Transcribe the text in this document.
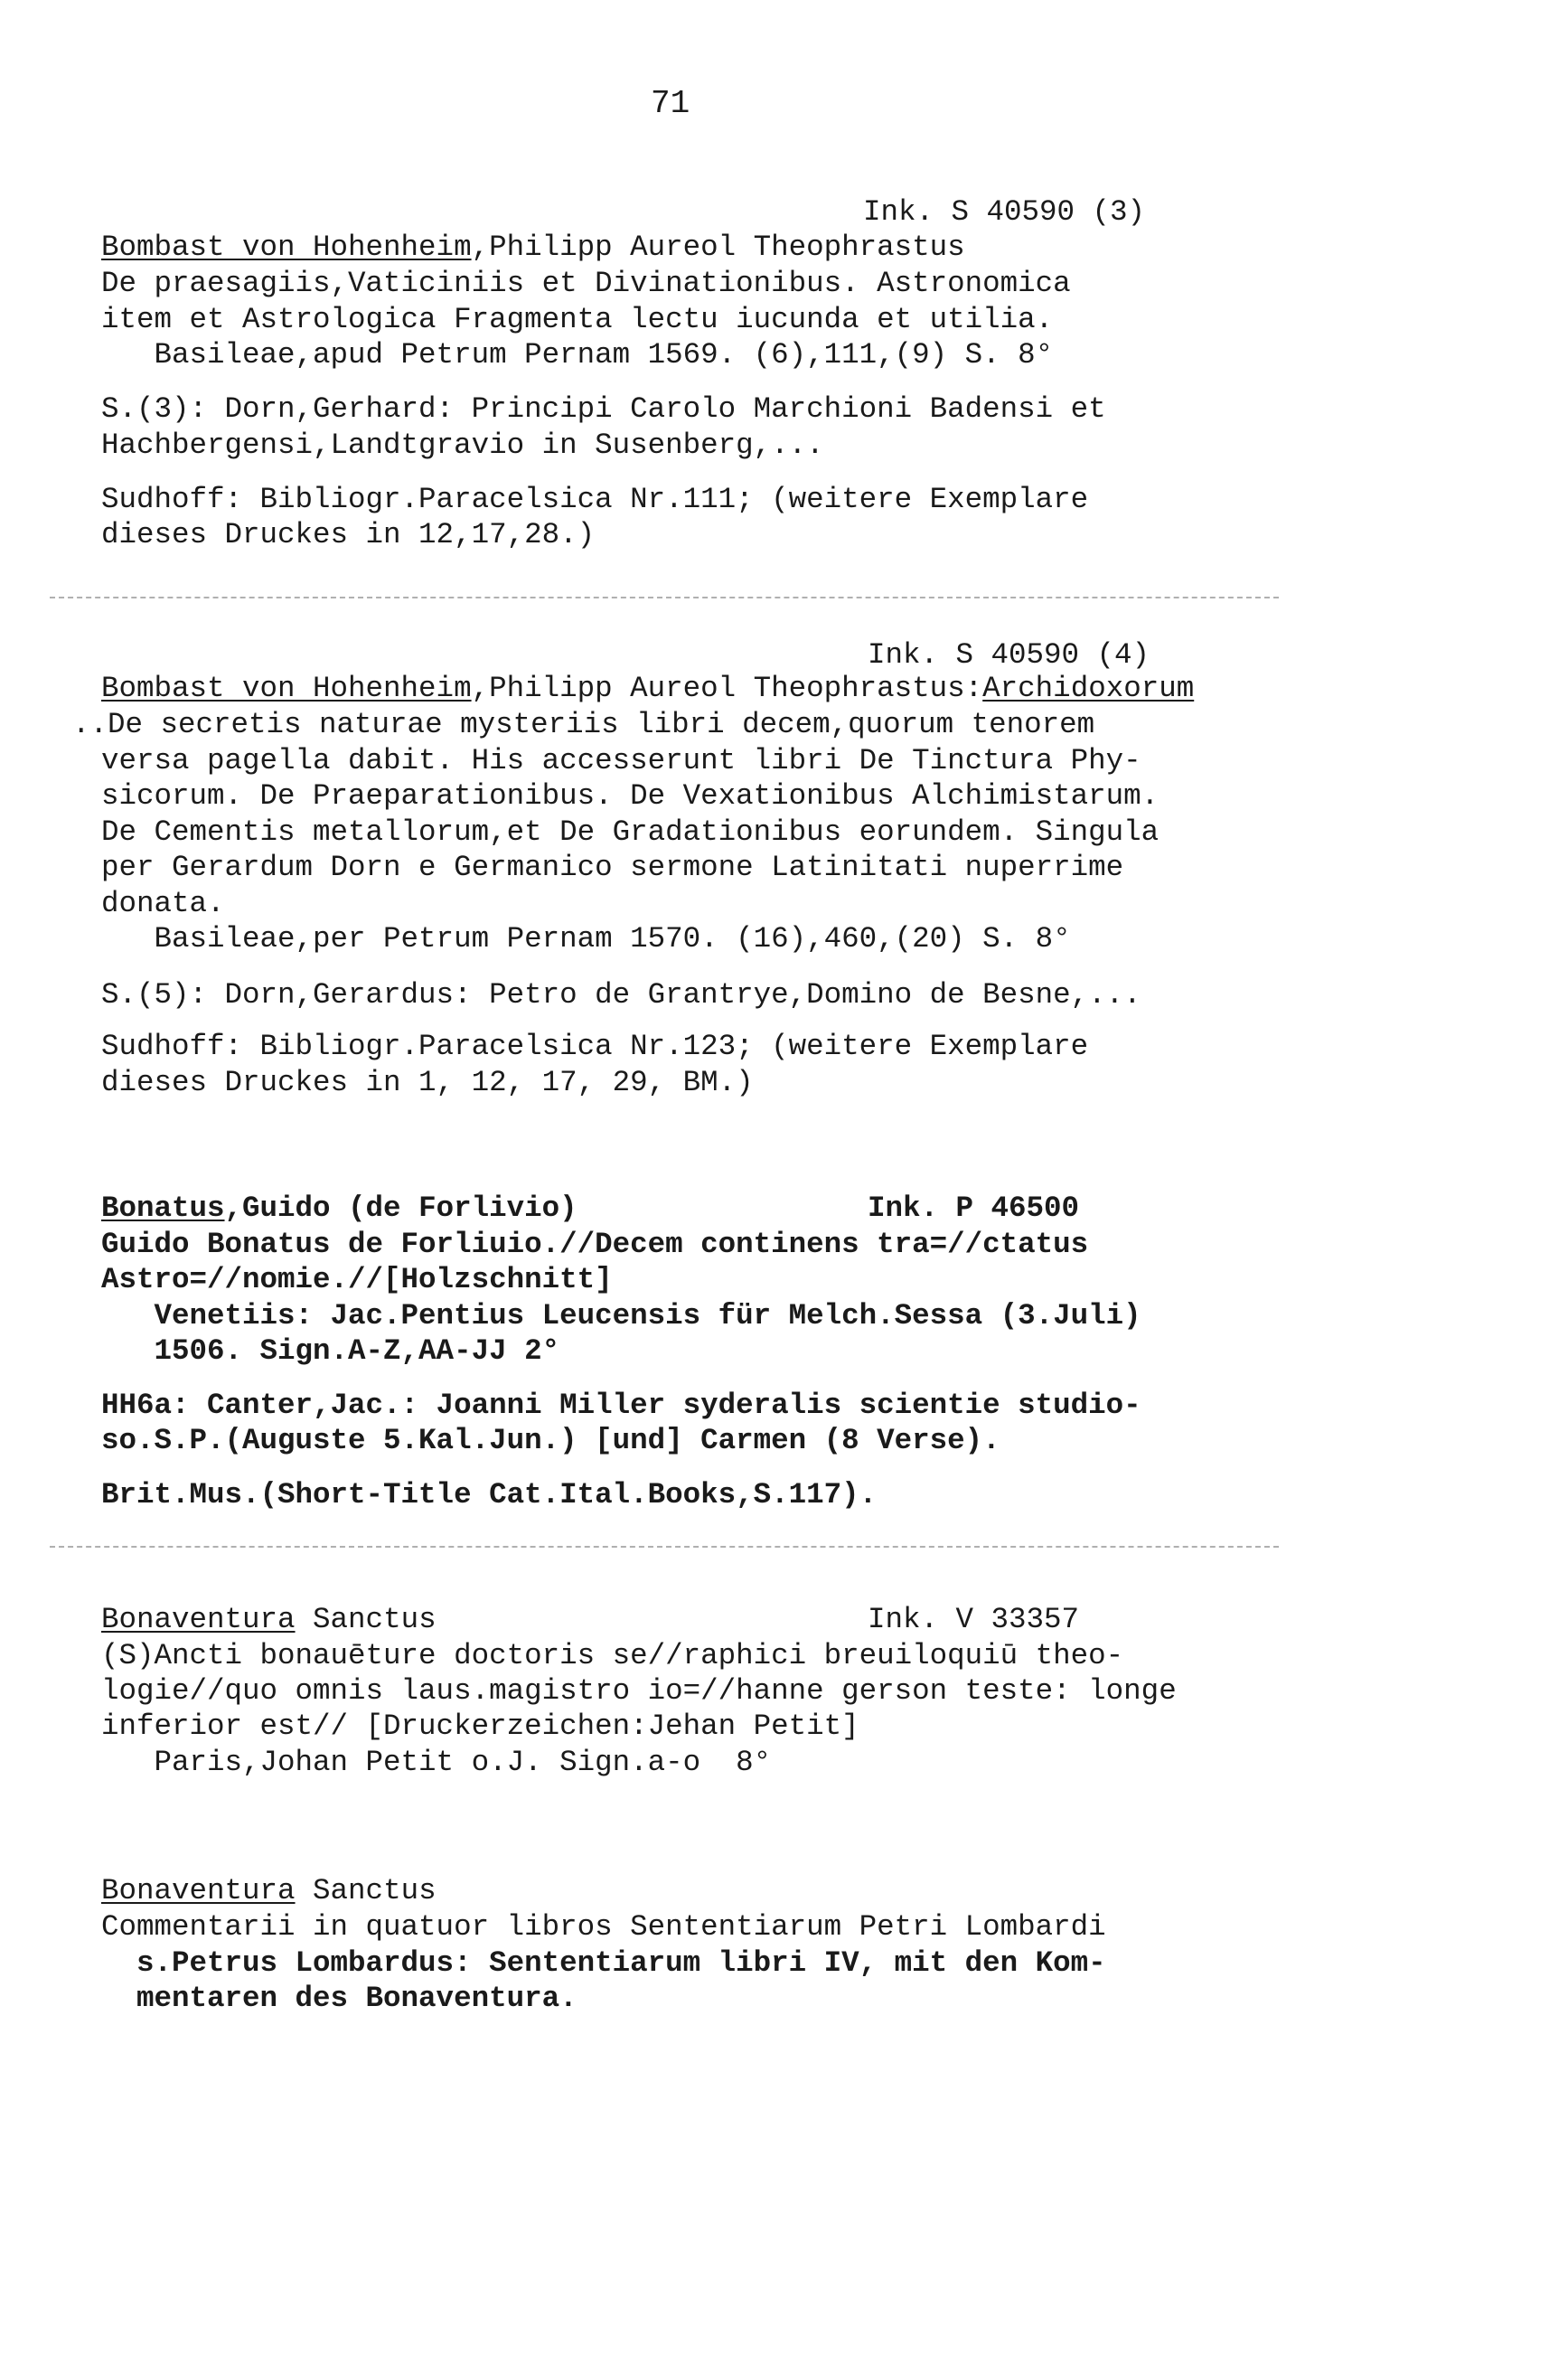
71
Ink. S 40590 (3)
Bombast von Hohenheim,Philipp Aureol Theophrastus
De praesagiis,Vaticiniis et Divinationibus. Astronomica
item et Astrologica Fragmenta lectu iucunda et utilia.
Basileae,apud Petrum Pernam 1569. (6),111,(9) S. 8°
S.(3): Dorn,Gerhard: Principi Carolo Marchioni Badensi et
Hachbergensi,Landtgravio in Susenberg,...
Sudhoff: Bibliogr.Paracelsica Nr.111; (weitere Exemplare
dieses Druckes in 12,17,28.)
Ink. S 40590 (4)
Bombast von Hohenheim,Philipp Aureol Theophrastus:Archidoxorum
..De secretis naturae mysteriis libri decem,quorum tenorem
versa pagella dabit. His accesserunt libri De Tinctura Phy-
sicorum. De Praeparationibus. De Vexationibus Alchimistarum.
De Cementis metallorum,et De Gradationibus eorundem. Singula
per Gerardum Dorn e Germanico sermone Latinitati nuperrime
donata.
Basileae,per Petrum Pernam 1570. (16),460,(20) S. 8°
S.(5): Dorn,Gerardus: Petro de Grantrye,Domino de Besne,...
Sudhoff: Bibliogr.Paracelsica Nr.123; (weitere Exemplare
dieses Druckes in 1, 12, 17, 29, BM.)
Bonatus,Guido (de Forlivio)	Ink. P 46500
Guido Bonatus de Forliuio.//Decem continens tra=//ctatus
Astro=//nomie.//[Holzschnitt]
Venetiis: Jac.Pentius Leucensis für Melch.Sessa (3.Juli)
1506. Sign.A-Z,AA-JJ 2°
HH6a: Canter,Jac.: Joanni Miller syderalis scientie studio-
so.S.P.(Auguste 5.Kal.Jun.) [und] Carmen (8 Verse).
Brit.Mus.(Short-Title Cat.Ital.Books,S.117).
Bonaventura Sanctus	Ink. V 33357
(S)Ancti bonauēture doctoris se//raphici breuiloquiū theo-
logie//quo omnis laus.magistro io=//hanne gerson teste: longe
inferior est// [Druckerzeichen:Jehan Petit]
Paris,Johan Petit o.J. Sign.a-o  8°
Bonaventura Sanctus
Commentarii in quatuor libros Sententiarum Petri Lombardi
s.Petrus Lombardus: Sententiarum libri IV, mit den Kom-
mentaren des Bonaventura.
